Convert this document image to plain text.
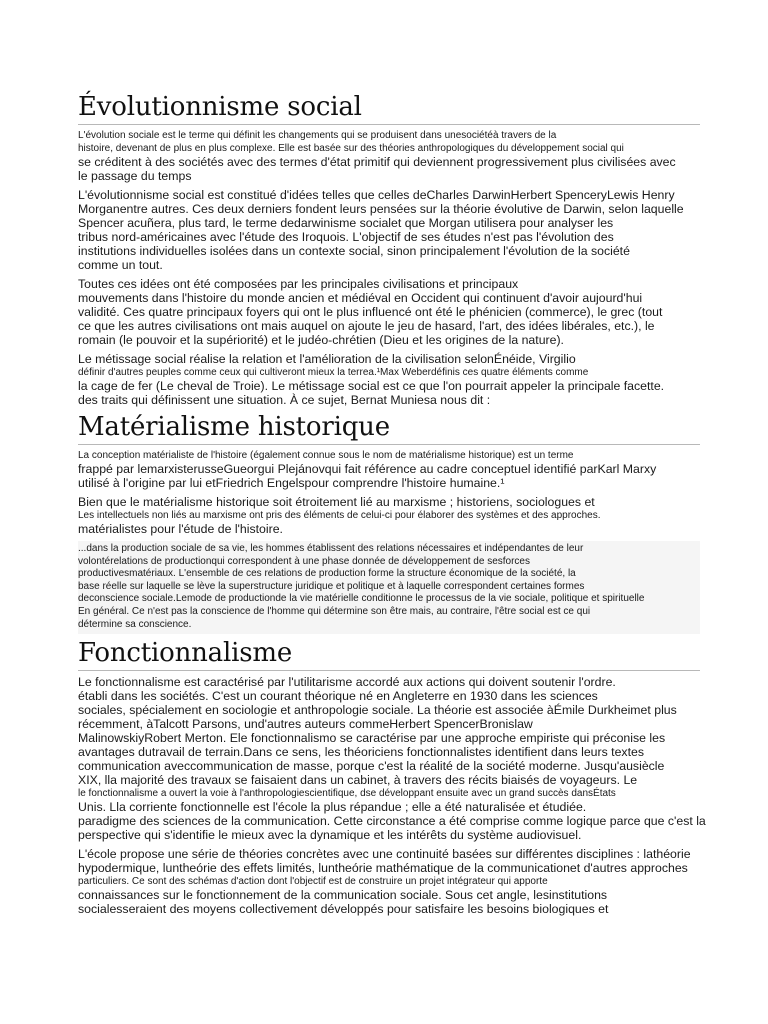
Évolutionnisme social
L'évolution sociale est le terme qui définit les changements qui se produisent dans unesociétéà travers de la
histoire, devenant de plus en plus complexe. Elle est basée sur des théories anthropologiques du développement social qui
se créditent à des sociétés avec des termes d'état primitif qui deviennent progressivement plus civilisées avec
le passage du temps
L'évolutionnisme social est constitué d'idées telles que celles deCharles DarwinHerbert SpenceryLewis Henry
Morganentre autres. Ces deux derniers fondent leurs pensées sur la théorie évolutive de Darwin, selon laquelle
Spencer acuñera, plus tard, le terme dedarwinisme socialet que Morgan utilisera pour analyser les
tribus nord-américaines avec l'étude des Iroquois. L'objectif de ses études n'est pas l'évolution des
institutions individuelles isolées dans un contexte social, sinon principalement l'évolution de la société
comme un tout.
Toutes ces idées ont été composées par les principales civilisations et principaux
mouvements dans l'histoire du monde ancien et médiéval en Occident qui continuent d'avoir aujourd'hui
validité. Ces quatre principaux foyers qui ont le plus influencé ont été le phénicien (commerce), le grec (tout
ce que les autres civilisations ont mais auquel on ajoute le jeu de hasard, l'art, des idées libérales, etc.), le
romain (le pouvoir et la supériorité) et le judéo-chrétien (Dieu et les origines de la nature).
Le métissage social réalise la relation et l'amélioration de la civilisation selonÉnéide, Virgilio
définir d'autres peuples comme ceux qui cultiveront mieux la terrea.¹Max Weberdéfinis ces quatre éléments comme
la cage de fer (Le cheval de Troie). Le métissage social est ce que l'on pourrait appeler la principale facette.
des traits qui définissent une situation. À ce sujet, Bernat Muniesa nous dit :
Matérialisme historique
La conception matérialiste de l'histoire (également connue sous le nom de matérialisme historique) est un terme
frappé par lemarxisterusseGueorgui Plejánovqui fait référence au cadre conceptuel identifié parKarl Marxy
utilisé à l'origine par lui etFriedrich Engelspour comprendre l'histoire humaine.¹
Bien que le matérialisme historique soit étroitement lié au marxisme ; historiens, sociologues et
Les intellectuels non liés au marxisme ont pris des éléments de celui-ci pour élaborer des systèmes et des approches.
matérialistes pour l'étude de l'histoire.
...dans la production sociale de sa vie, les hommes établissent des relations nécessaires et indépendantes de leur
volontérelations de productionqui correspondent à une phase donnée de développement de sesforces
productivesmatériaux. L'ensemble de ces relations de production forme la structure économique de la société, la
base réelle sur laquelle se lève la superstructure juridique et politique et à laquelle correspondent certaines formes
deconscience sociale.Lemode de productionde la vie matérielle conditionne le processus de la vie sociale, politique et spirituelle
En général. Ce n'est pas la conscience de l'homme qui détermine son être mais, au contraire, l'être social est ce qui
détermine sa conscience.
Fonctionnalisme
Le fonctionnalisme est caractérisé par l'utilitarisme accordé aux actions qui doivent soutenir l'ordre.
établi dans les sociétés. C'est un courant théorique né en Angleterre en 1930 dans les sciences
sociales, spécialement en sociologie et anthropologie sociale. La théorie est associée àÉmile Durkheimet plus
récemment, àTalcott Parsons, und'autres auteurs commeHerbert SpencerBronislaw
MalinowskiyRobert Merton. Ele fonctionnalismo se caractérise par une approche empiriste qui préconise les
avantages dutravail de terrain.Dans ce sens, les théoriciens fonctionnalistes identifient dans leurs textes
communication aveccommunication de masse, porque c'est la réalité de la société moderne. Jusqu'ausiècle
XIX, lla majorité des travaux se faisaient dans un cabinet, à travers des récits biaisés de voyageurs. Le
le fonctionnalisme a ouvert la voie à l'anthropologiescientifique, dse développant ensuite avec un grand succès dansÉtats
Unis. Lla corriente fonctionnelle est l'école la plus répandue ; elle a été naturalisée et étudiée.
paradigme des sciences de la communication. Cette circonstance a été comprise comme logique parce que c'est la
perspective qui s'identifie le mieux avec la dynamique et les intérêts du système audiovisuel.
L'école propose une série de théories concrètes avec une continuité basées sur différentes disciplines : lathéorie
hypodermique, luntheórie des effets limités, luntheórie mathématique de la communicationet d'autres approches
particuliers. Ce sont des schémas d'action dont l'objectif est de construire un projet intégrateur qui apporte
connaissances sur le fonctionnement de la communication sociale. Sous cet angle, lesinstitutions
socialesseraient des moyens collectivement développés pour satisfaire les besoins biologiques et
